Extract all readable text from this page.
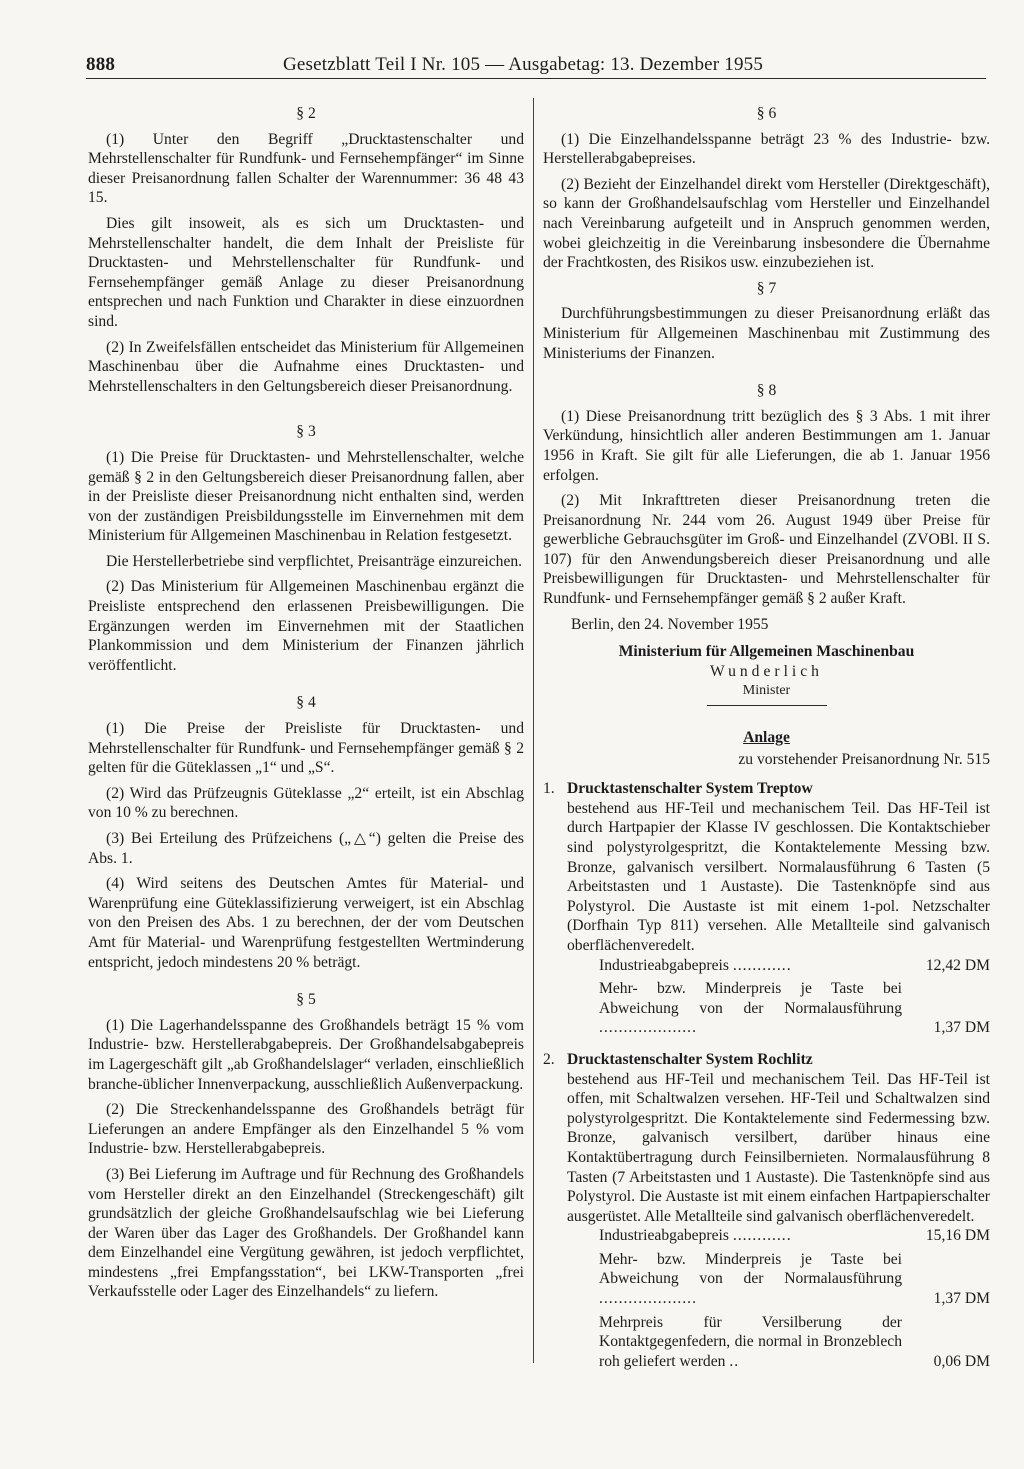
888	Gesetzblatt Teil I Nr. 105 — Ausgabetag: 13. Dezember 1955
§ 2

(1) Unter den Begriff „Drucktastenschalter und Mehrstellenschalter für Rundfunk- und Fernsehempfänger“ im Sinne dieser Preisanordnung fallen Schalter der Warennummer: 36 48 43 15.

Dies gilt insoweit, als es sich um Drucktasten- und Mehrstellenschalter handelt, die dem Inhalt der Preisliste für Drucktasten- und Mehrstellenschalter für Rundfunk- und Fernsehempfänger gemäß Anlage zu dieser Preisanordnung entsprechen und nach Funktion und Charakter in diese einzuordnen sind.

(2) In Zweifelsfällen entscheidet das Ministerium für Allgemeinen Maschinenbau über die Aufnahme eines Drucktasten- und Mehrstellenschalters in den Geltungsbereich dieser Preisanordnung.

§ 3

(1) Die Preise für Drucktasten- und Mehrstellenschalter, welche gemäß § 2 in den Geltungsbereich dieser Preisanordnung fallen, aber in der Preisliste dieser Preisanordnung nicht enthalten sind, werden von der zuständigen Preisbildungsstelle im Einvernehmen mit dem Ministerium für Allgemeinen Maschinenbau in Relation festgesetzt.

Die Herstellerbetriebe sind verpflichtet, Preisanträge einzureichen.

(2) Das Ministerium für Allgemeinen Maschinenbau ergänzt die Preisliste entsprechend den erlassenen Preisbewilligungen. Die Ergänzungen werden im Einvernehmen mit der Staatlichen Plankommission und dem Ministerium der Finanzen jährlich veröffentlicht.

§ 4

(1) Die Preise der Preisliste für Drucktasten- und Mehrstellenschalter für Rundfunk- und Fernsehempfänger gemäß § 2 gelten für die Güteklassen „1“ und „S“.

(2) Wird das Prüfzeugnis Güteklasse „2“ erteilt, ist ein Abschlag von 10 % zu berechnen.

(3) Bei Erteilung des Prüfzeichens („△“) gelten die Preise des Abs. 1.

(4) Wird seitens des Deutschen Amtes für Material- und Warenprüfung eine Güteklassifizierung verweigert, ist ein Abschlag von den Preisen des Abs. 1 zu berechnen, der der vom Deutschen Amt für Material- und Warenprüfung festgestellten Wertminderung entspricht, jedoch mindestens 20 % beträgt.

§ 5

(1) Die Lagerhandelsspanne des Großhandels beträgt 15 % vom Industrie- bzw. Herstellerabgabepreis. Der Großhandelsabgabepreis im Lagergeschäft gilt „ab Großhandelslager“ verladen, einschließlich branche-üblicher Innenverpackung, ausschließlich Außenverpackung.

(2) Die Streckenhandelsspanne des Großhandels beträgt für Lieferungen an andere Empfänger als den Einzelhandel 5 % vom Industrie- bzw. Herstellerabgabepreis.

(3) Bei Lieferung im Auftrage und für Rechnung des Großhandels vom Hersteller direkt an den Einzelhandel (Streckengeschäft) gilt grundsätzlich der gleiche Großhandelsaufschlag wie bei Lieferung der Waren über das Lager des Großhandels. Der Großhandel kann dem Einzelhandel eine Vergütung gewähren, ist jedoch verpflichtet, mindestens „frei Empfangsstation“, bei LKW-Transporten „frei Verkaufsstelle oder Lager des Einzelhandels“ zu liefern.

§ 6

(1) Die Einzelhandelsspanne beträgt 23 % des Industrie- bzw. Herstellerabgabepreises.

(2) Bezieht der Einzelhandel direkt vom Hersteller (Direktgeschäft), so kann der Großhandelsaufschlag vom Hersteller und Einzelhandel nach Vereinbarung aufgeteilt und in Anspruch genommen werden, wobei gleichzeitig in die Vereinbarung insbesondere die Übernahme der Frachtkosten, des Risikos usw. einzubeziehen ist.

§ 7

Durchführungsbestimmungen zu dieser Preisanordnung erläßt das Ministerium für Allgemeinen Maschinenbau mit Zustimmung des Ministeriums der Finanzen.

§ 8

(1) Diese Preisanordnung tritt bezüglich des § 3 Abs. 1 mit ihrer Verkündung, hinsichtlich aller anderen Bestimmungen am 1. Januar 1956 in Kraft. Sie gilt für alle Lieferungen, die ab 1. Januar 1956 erfolgen.

(2) Mit Inkrafttreten dieser Preisanordnung treten die Preisanordnung Nr. 244 vom 26. August 1949 über Preise für gewerbliche Gebrauchsgüter im Groß- und Einzelhandel (ZVOBl. II S. 107) für den Anwendungsbereich dieser Preisanordnung und alle Preisbewilligungen für Drucktasten- und Mehrstellenschalter für Rundfunk- und Fernsehempfänger gemäß § 2 außer Kraft.

Berlin, den 24. November 1955
Ministerium für Allgemeinen Maschinenbau
Wunderlich
Minister
Anlage
zu vorstehender Preisanordnung Nr. 515
1. Drucktastenschalter System Treptow

bestehend aus HF-Teil und mechanischem Teil. Das HF-Teil ist durch Hartpapier der Klasse IV geschlossen. Die Kontaktschieber sind polystyrolgespritzt, die Kontaktelemente Messing bzw. Bronze, galvanisch versilbert. Normalausführung 6 Tasten (5 Arbeitstasten und 1 Austaste). Die Tastenknöpfe sind aus Polystyrol. Die Austaste ist mit einem 1-pol. Netzschalter (Dorfhain Typ 811) versehen. Alle Metallteile sind galvanisch oberflächenveredelt.

Industrieabgabepreis ............	12,42 DM
Mehr- bzw. Minderpreis je Taste bei Abweichung von der Normalausführung ....................	1,37 DM
2. Drucktastenschalter System Rochlitz

bestehend aus HF-Teil und mechanischem Teil. Das HF-Teil ist offen, mit Schaltwalzen versehen. HF-Teil und Schaltwalzen sind polystyrolgespritzt. Die Kontaktelemente sind Federmessing bzw. Bronze, galvanisch versilbert, darüber hinaus eine Kontaktübertragung durch Feinsilbernieten. Normalausführung 8 Tasten (7 Arbeitstasten und 1 Austaste). Die Tastenknöpfe sind aus Polystyrol. Die Austaste ist mit einem einfachen Hartpapierschalter ausgerüstet. Alle Metallteile sind galvanisch oberflächenveredelt.

Industrieabgabepreis ............	15,16 DM
Mehr- bzw. Minderpreis je Taste bei Abweichung von der Normalausführung ....................	1,37 DM
Mehrpreis für Versilberung der Kontaktgegenfedern, die normal in Bronzeblech roh geliefert werden ..	0,06 DM
